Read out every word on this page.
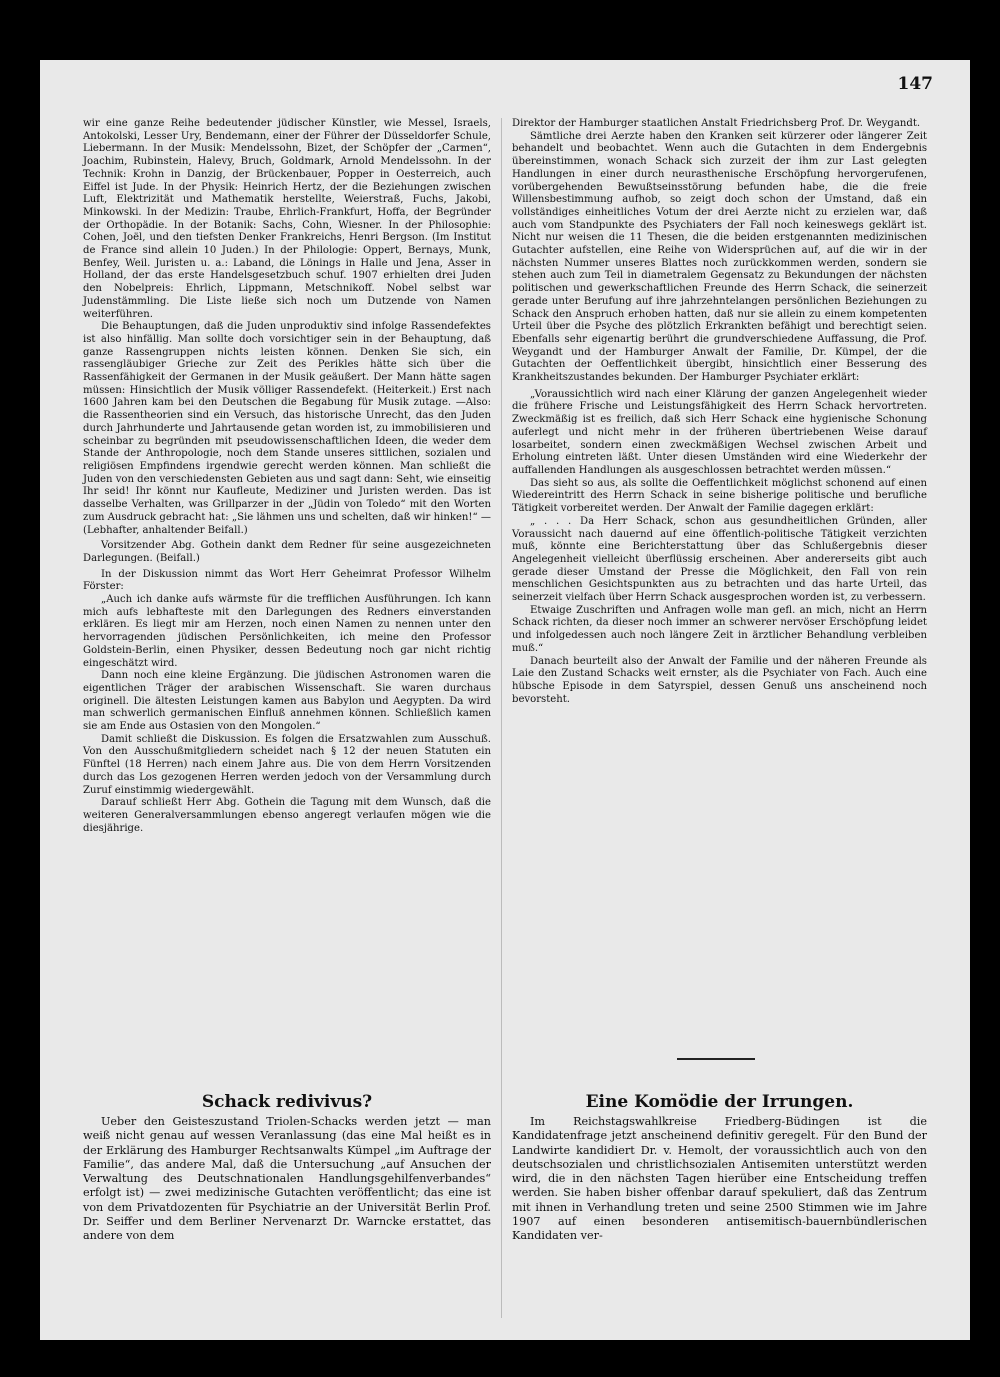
147

wir eine ganze Reihe bedeutender jüdischer Künstler, wie Messel, Israels, Antokolski, Lesser Ury, Bendemann, einer der Führer der Düsseldorfer Schule, Liebermann. In der Musik: Mendelssohn, Bizet, der Schöpfer der „Carmen“, Joachim, Rubinstein, Halevy, Bruch, Goldmark, Arnold Mendelssohn. In der Technik: Krohn in Danzig, der Brückenbauer, Popper in Oesterreich, auch Eiffel ist Jude. In der Physik: Heinrich Hertz, der die Beziehungen zwischen Luft, Elektrizität und Mathematik herstellte, Weierstraß, Fuchs, Jakobi, Minkowski. In der Medizin: Traube, Ehrlich-Frankfurt, Hoffa, der Begründer der Orthopädie. In der Botanik: Sachs, Cohn, Wiesner. In der Philosophie: Cohen, Joël, und den tiefsten Denker Frankreichs, Henri Bergson. (Im Institut de France sind allein 10 Juden.) In der Philologie: Oppert, Bernays, Munk, Benfey, Weil. Juristen u. a.: Laband, die Lönings in Halle und Jena, Asser in Holland, der das erste Handelsgesetzbuch schuf. 1907 erhielten drei Juden den Nobelpreis: Ehrlich, Lippmann, Metschnikoff. Nobel selbst war Judenstämmling. Die Liste ließe sich noch um Dutzende von Namen weiterführen.

Die Behauptungen, daß die Juden unproduktiv sind infolge Rassendefektes ist also hinfällig. Man sollte doch vorsichtiger sein in der Behauptung, daß ganze Rassengruppen nichts leisten können. Denken Sie sich, ein rassengläubiger Grieche zur Zeit des Perikles hätte sich über die Rassenfähigkeit der Germanen in der Musik geäußert. Der Mann hätte sagen müssen: Hinsichtlich der Musik völliger Rassendefekt. (Heiterkeit.) Erst nach 1600 Jahren kam bei den Deutschen die Begabung für Musik zutage. —Also: die Rassentheorien sind ein Versuch, das historische Unrecht, das den Juden durch Jahrhunderte und Jahrtausende getan worden ist, zu immobilisieren und scheinbar zu begründen mit pseudowissenschaftlichen Ideen, die weder dem Stande der Anthropologie, noch dem Stande unseres sittlichen, sozialen und religiösen Empfindens irgendwie gerecht werden können. Man schließt die Juden von den verschiedensten Gebieten aus und sagt dann: Seht, wie einseitig Ihr seid! Ihr könnt nur Kaufleute, Mediziner und Juristen werden. Das ist dasselbe Verhalten, was Grillparzer in der „Jüdin von Toledo“ mit den Worten zum Ausdruck gebracht hat: „Sie lähmen uns und schelten, daß wir hinken!“ — (Lebhafter, anhaltender Beifall.)

Vorsitzender Abg. Gothein dankt dem Redner für seine ausgezeichneten Darlegungen. (Beifall.)

In der Diskussion nimmt das Wort Herr Geheimrat Professor Wilhelm Förster:

„Auch ich danke aufs wärmste für die trefflichen Ausführungen. Ich kann mich aufs lebhafteste mit den Darlegungen des Redners einverstanden erklären. Es liegt mir am Herzen, noch einen Namen zu nennen unter den hervorragenden jüdischen Persönlichkeiten, ich meine den Professor Goldstein-Berlin, einen Physiker, dessen Bedeutung noch gar nicht richtig eingeschätzt wird.

Dann noch eine kleine Ergänzung. Die jüdischen Astronomen waren die eigentlichen Träger der arabischen Wissenschaft. Sie waren durchaus originell. Die ältesten Leistungen kamen aus Babylon und Aegypten. Da wird man schwerlich germanischen Einfluß annehmen können. Schließlich kamen sie am Ende aus Ostasien von den Mongolen.“

Damit schließt die Diskussion. Es folgen die Ersatzwahlen zum Ausschuß. Von den Ausschußmitgliedern scheidet nach § 12 der neuen Statuten ein Fünftel (18 Herren) nach einem Jahre aus. Die von dem Herrn Vorsitzenden durch das Los gezogenen Herren werden jedoch von der Versammlung durch Zuruf einstimmig wiedergewählt.

Darauf schließt Herr Abg. Gothein die Tagung mit dem Wunsch, daß die weiteren Generalversammlungen ebenso angeregt verlaufen mögen wie die diesjährige.

Direktor der Hamburger staatlichen Anstalt Friedrichsberg Prof. Dr. Weygandt.

Sämtliche drei Aerzte haben den Kranken seit kürzerer oder längerer Zeit behandelt und beobachtet. Wenn auch die Gutachten in dem Endergebnis übereinstimmen, wonach Schack sich zurzeit der ihm zur Last gelegten Handlungen in einer durch neurasthenische Erschöpfung hervorgerufenen, vorübergehenden Bewußtseinsstörung befunden habe, die die freie Willensbestimmung aufhob, so zeigt doch schon der Umstand, daß ein vollständiges einheitliches Votum der drei Aerzte nicht zu erzielen war, daß auch vom Standpunkte des Psychiaters der Fall noch keineswegs geklärt ist. Nicht nur weisen die 11 Thesen, die die beiden erstgenannten medizinischen Gutachter aufstellen, eine Reihe von Widersprüchen auf, auf die wir in der nächsten Nummer unseres Blattes noch zurückkommen werden, sondern sie stehen auch zum Teil in diametralem Gegensatz zu Bekundungen der nächsten politischen und gewerkschaftlichen Freunde des Herrn Schack, die seinerzeit gerade unter Berufung auf ihre jahrzehntelangen persönlichen Beziehungen zu Schack den Anspruch erhoben hatten, daß nur sie allein zu einem kompetenten Urteil über die Psyche des plötzlich Erkrankten befähigt und berechtigt seien. Ebenfalls sehr eigenartig berührt die grundverschiedene Auffassung, die Prof. Weygandt und der Hamburger Anwalt der Familie, Dr. Kümpel, der die Gutachten der Oeffentlichkeit übergibt, hinsichtlich einer Besserung des Krankheitszustandes bekunden. Der Hamburger Psychiater erklärt:

„Voraussichtlich wird nach einer Klärung der ganzen Angelegenheit wieder die frühere Frische und Leistungsfähigkeit des Herrn Schack hervortreten. Zweckmäßig ist es freilich, daß sich Herr Schack eine hygienische Schonung auferlegt und nicht mehr in der früheren übertriebenen Weise darauf losarbeitet, sondern einen zweckmäßigen Wechsel zwischen Arbeit und Erholung eintreten läßt. Unter diesen Umständen wird eine Wiederkehr der auffallenden Handlungen als ausgeschlossen betrachtet werden müssen.“

Das sieht so aus, als sollte die Oeffentlichkeit möglichst schonend auf einen Wiedereintritt des Herrn Schack in seine bisherige politische und berufliche Tätigkeit vorbereitet werden. Der Anwalt der Familie dagegen erklärt:

„ . . . Da Herr Schack, schon aus gesundheitlichen Gründen, aller Voraussicht nach dauernd auf eine öffentlich-politische Tätigkeit verzichten muß, könnte eine Berichterstattung über das Schlußergebnis dieser Angelegenheit vielleicht überflüssig erscheinen. Aber andererseits gibt auch gerade dieser Umstand der Presse die Möglichkeit, den Fall von rein menschlichen Gesichtspunkten aus zu betrachten und das harte Urteil, das seinerzeit vielfach über Herrn Schack ausgesprochen worden ist, zu verbessern.

Etwaige Zuschriften und Anfragen wolle man gefl. an mich, nicht an Herrn Schack richten, da dieser noch immer an schwerer nervöser Erschöpfung leidet und infolgedessen auch noch längere Zeit in ärztlicher Behandlung verbleiben muß.“

Danach beurteilt also der Anwalt der Familie und der näheren Freunde als Laie den Zustand Schacks weit ernster, als die Psychiater von Fach. Auch eine hübsche Episode in dem Satyrspiel, dessen Genuß uns anscheinend noch bevorsteht.

Schack redivivus?	Eine Komödie der Irrungen.

Ueber den Geisteszustand Triolen-Schacks werden jetzt — man weiß nicht genau auf wessen Veranlassung (das eine Mal heißt es in der Erklärung des Hamburger Rechtsanwalts Kümpel „im Auftrage der Familie“, das andere Mal, daß die Untersuchung „auf Ansuchen der Verwaltung des Deutschnationalen Handlungsgehilfenverbandes“ erfolgt ist) — zwei medizinische Gutachten veröffentlicht; das eine ist von dem Privatdozenten für Psychiatrie an der Universität Berlin Prof. Dr. Seiffer und dem Berliner Nervenarzt Dr. Warncke erstattet, das andere von dem

Im Reichstagswahlkreise Friedberg-Büdingen ist die Kandidatenfrage jetzt anscheinend definitiv geregelt. Für den Bund der Landwirte kandidiert Dr. v. Hemolt, der voraussichtlich auch von den deutschsozialen und christlichsozialen Antisemiten unterstützt werden wird, die in den nächsten Tagen hierüber eine Entscheidung treffen werden. Sie haben bisher offenbar darauf spekuliert, daß das Zentrum mit ihnen in Verhandlung treten und seine 2500 Stimmen wie im Jahre 1907 auf einen besonderen antisemitisch-bauernbündlerischen Kandidaten ver-
